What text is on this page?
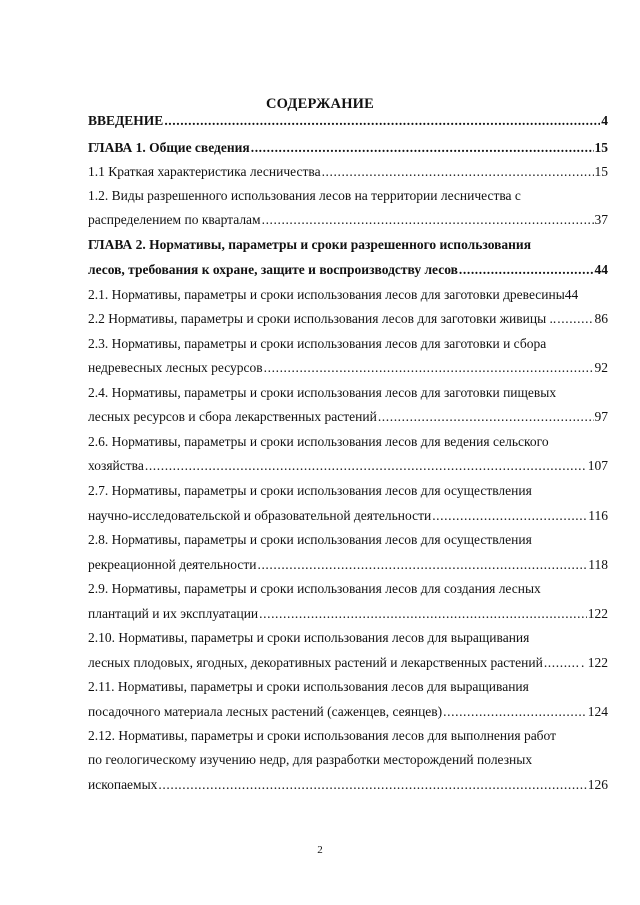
СОДЕРЖАНИЕ
ВВЕДЕНИЕ .....	4
ГЛАВА 1. Общие сведения .....	15
1.1 Краткая характеристика лесничества .....	15
1.2. Виды разрешенного использования лесов на территории лесничества с
распределением по кварталам .....	37
ГЛАВА 2. Нормативы, параметры и сроки разрешенного использования
лесов, требования к охране, защите и воспроизводству лесов .....	44
2.1. Нормативы, параметры и сроки использования лесов для заготовки древесины44
2.2 Нормативы, параметры и сроки использования лесов для заготовки живицы .. .....	86
2.3. Нормативы, параметры и сроки использования лесов для заготовки и сбора
недревесных лесных ресурсов .....	92
2.4. Нормативы, параметры и сроки использования лесов для заготовки пищевых
лесных ресурсов и сбора лекарственных растений .....	97
2.6. Нормативы, параметры и сроки использования лесов для ведения сельского
хозяйства .....	107
2.7. Нормативы, параметры и сроки использования лесов для осуществления
научно-исследовательской и образовательной деятельности .....	116
2.8. Нормативы, параметры и сроки использования лесов для осуществления
рекреационной деятельности .....	118
2.9. Нормативы, параметры и сроки использования лесов для создания лесных
плантаций и их эксплуатации .....	122
2.10. Нормативы, параметры и сроки использования лесов для выращивания
лесных плодовых, ягодных, декоративных растений и лекарственных растений .....	. 122
2.11. Нормативы, параметры и сроки использования лесов для выращивания
посадочного материала лесных растений (саженцев, сеянцев) .....	124
2.12. Нормативы, параметры и сроки использования лесов для выполнения работ
по геологическому изучению недр, для разработки месторождений полезных
ископаемых .....	126
2
